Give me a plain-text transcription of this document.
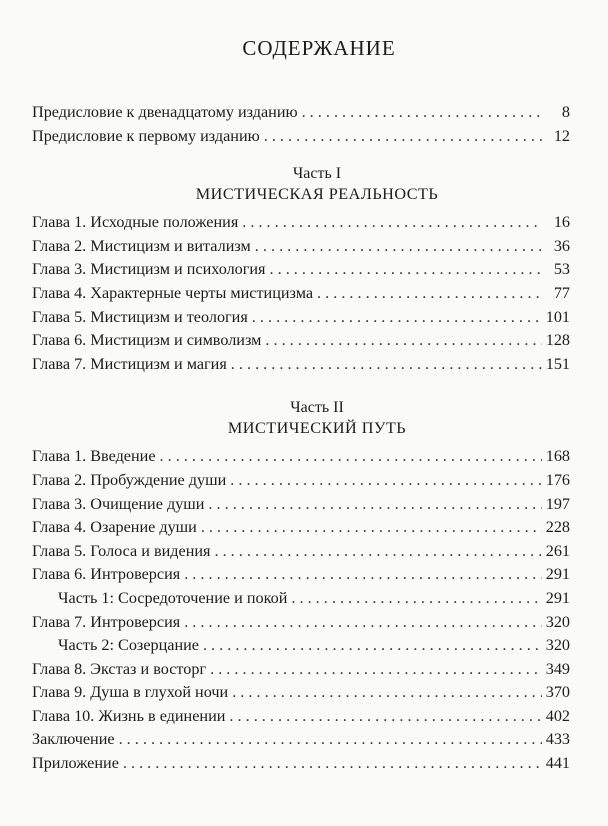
СОДЕРЖАНИЕ
Предисловие к двенадцатому изданию . . .	8
Предисловие к первому изданию . . .	12
Часть I
МИСТИЧЕСКАЯ РЕАЛЬНОСТЬ
Глава 1. Исходные положения . . .	16
Глава 2. Мистицизм и витализм . . .	36
Глава 3. Мистицизм и психология . . .	53
Глава 4. Характерные черты мистицизма . . .	77
Глава 5. Мистицизм и теология . . .	101
Глава 6. Мистицизм и символизм . . .	128
Глава 7. Мистицизм и магия . . .	151
Часть II
МИСТИЧЕСКИЙ ПУТЬ
Глава 1. Введение . . .	168
Глава 2. Пробуждение души . . .	176
Глава 3. Очищение души . . .	197
Глава 4. Озарение души . . .	228
Глава 5. Голоса и видения . . .	261
Глава 6. Интроверсия . . .	291
Часть 1: Сосредоточение и покой . . .	291
Глава 7. Интроверсия . . .	320
Часть 2: Созерцание . . .	320
Глава 8. Экстаз и восторг . . .	349
Глава 9. Душа в глухой ночи . . .	370
Глава 10. Жизнь в единении . . .	402
Заключение . . .	433
Приложение . . .	441
